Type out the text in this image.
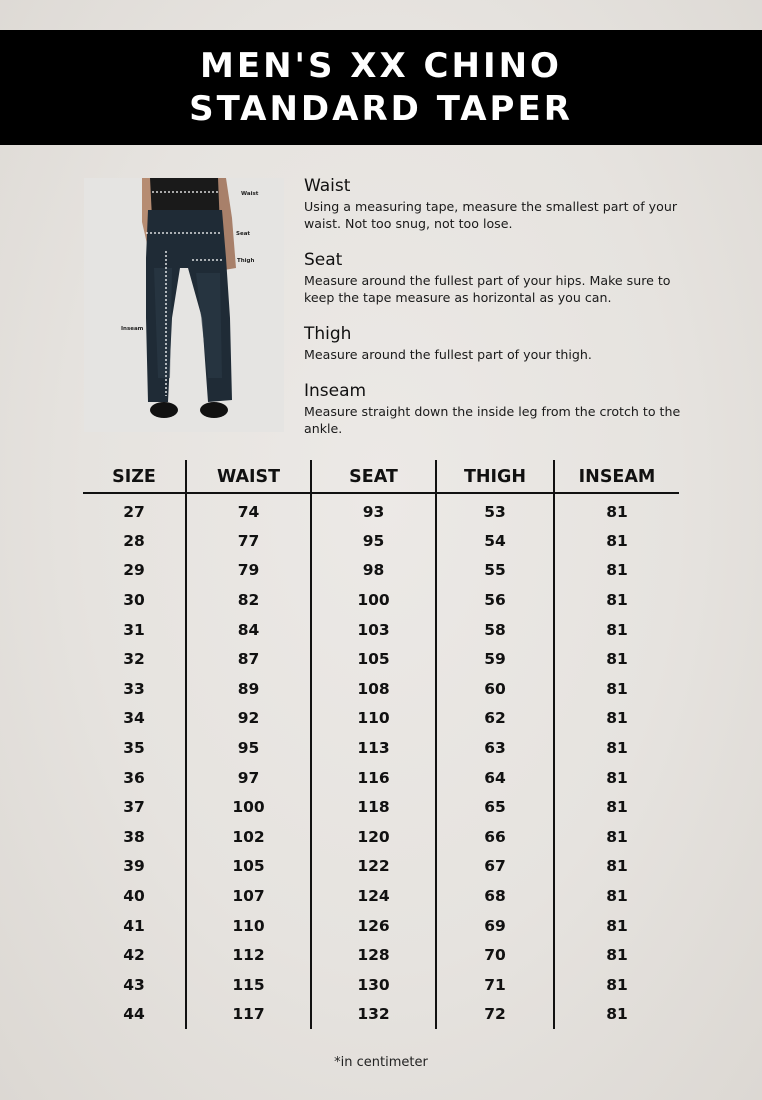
MEN'S XX CHINO
STANDARD TAPER
Waist
Seat
Thigh
Inseam
Waist

Using a measuring tape, measure the smallest part of your waist. Not too snug, not too lose.

Seat

Measure around the fullest part of your hips. Make sure to keep the tape measure as horizontal as you can.

Thigh

Measure around the fullest part of your thigh.

Inseam

Measure straight down the inside leg from the crotch to the ankle.

SIZE	WAIST	SEAT	THIGH	INSEAM
27	74	93	53	81
28	77	95	54	81
29	79	98	55	81
30	82	100	56	81
31	84	103	58	81
32	87	105	59	81
33	89	108	60	81
34	92	110	62	81
35	95	113	63	81
36	97	116	64	81
37	100	118	65	81
38	102	120	66	81
39	105	122	67	81
40	107	124	68	81
41	110	126	69	81
42	112	128	70	81
43	115	130	71	81
44	117	132	72	81
*in centimeter
